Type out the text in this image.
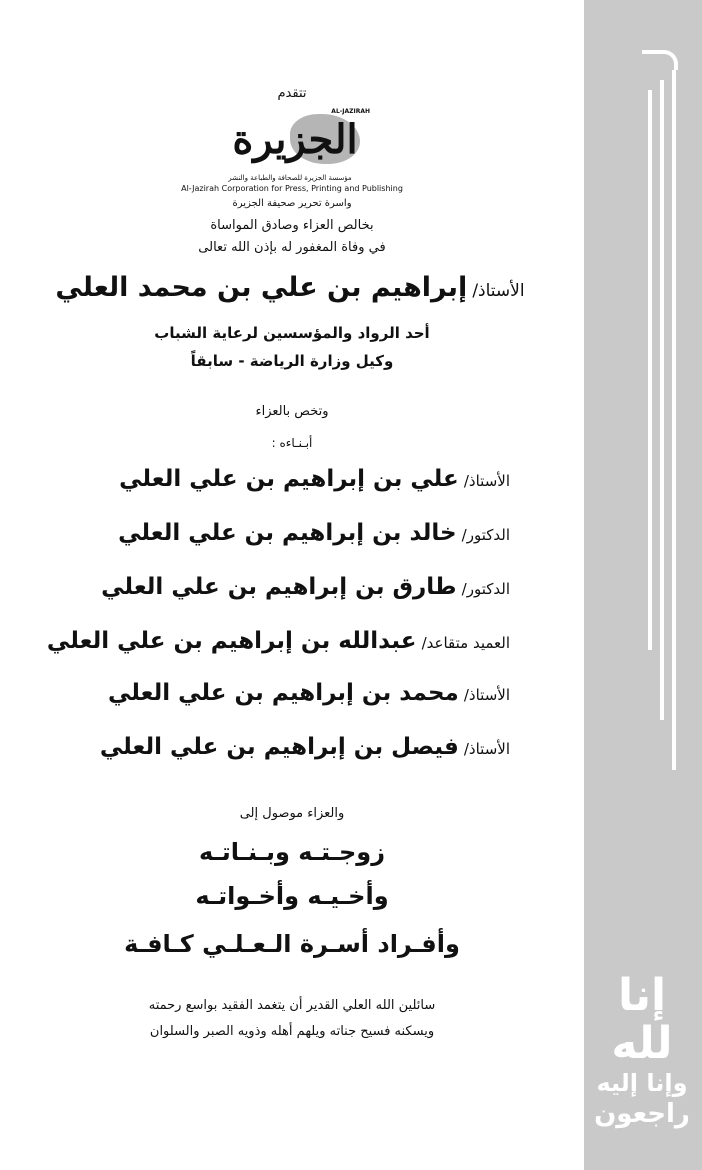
تتقدم
AL-JAZIRAH
الجزيرة
مؤسسة الجزيرة للصحافة والطباعة والنشر
Al-Jazirah Corporation for Press, Printing and Publishing
واسرة تحرير صحيفة الجزيرة
بخالص العزاء وصادق المواساة
في وفاة المغفور له بإذن الله تعالى
الأستاذ/ إبراهيم بن علي بن محمد العلي
أحد الرواد والمؤسسين لرعاية الشباب
وكيل وزارة الرياضة - سابقاً
وتخص بالعزاء
أبـنـاءه :
الأستاذ/ علي بن إبراهيم بن علي العلي
الدكتور/ خالد بن إبراهيم بن علي العلي
الدكتور/ طارق بن إبراهيم بن علي العلي
العميد متقاعد/ عبدالله بن إبراهيم بن علي العلي
الأستاذ/ محمد بن إبراهيم بن علي العلي
الأستاذ/ فيصل بن إبراهيم بن علي العلي
والعزاء موصول إلى
زوجـتـه وبـنـاتـه
وأخـيـه وأخـواتـه
وأفـراد أسـرة الـعـلـي كـافـة
سائلين الله العلي القدير أن يتغمد الفقيد بواسع رحمته
ويسكنه فسيح جناته ويلهم أهله وذويه الصبر والسلوان
إنا لله
وإنا إليه
راجعون
